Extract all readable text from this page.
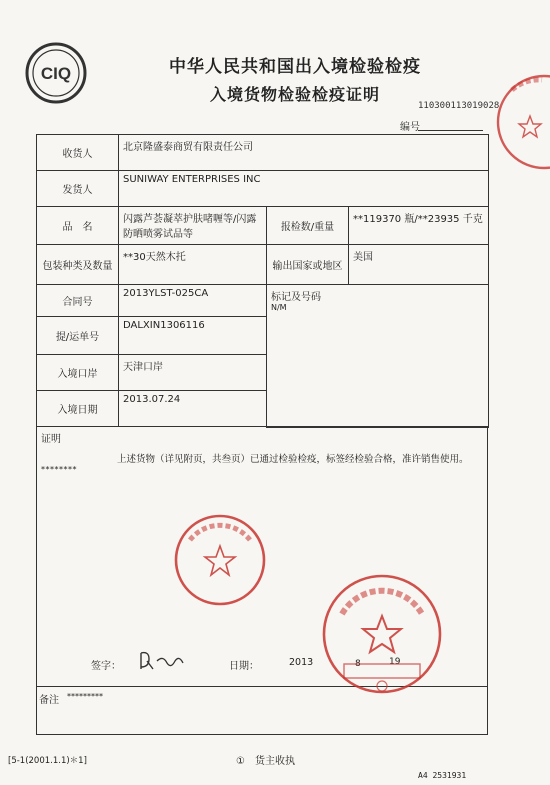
CIQ	中华人民共和国出入境检验检疫
入境货物检验检疫证明
110300113019028
编号
收货人	北京隆盛泰商贸有限责任公司		
发货人	SUNIWAY ENTERPRISES INC		
品　名	闪露芦荟凝萃护肤啫喱等/闪露防晒喷雾试品等	报检数/重量	**119370 瓶/**23935 千克
包装种类及数量	**30天然木托	输出国家或地区	美国
合同号	2013YLST-025CA	标记及号码
N/M	

提/运单号	DALXIN1306116		
入境口岸	天津口岸		
入境日期	2013.07.24		

证明
上述货物（详见附页，共叁页）已通过检验检疫，标签经检验合格，准许销售使用。
********
签字：	日期：	2013	8	19
备注 *********
[5-1(2001.1.1)＊1]	①　货主收执
A4 2531931
